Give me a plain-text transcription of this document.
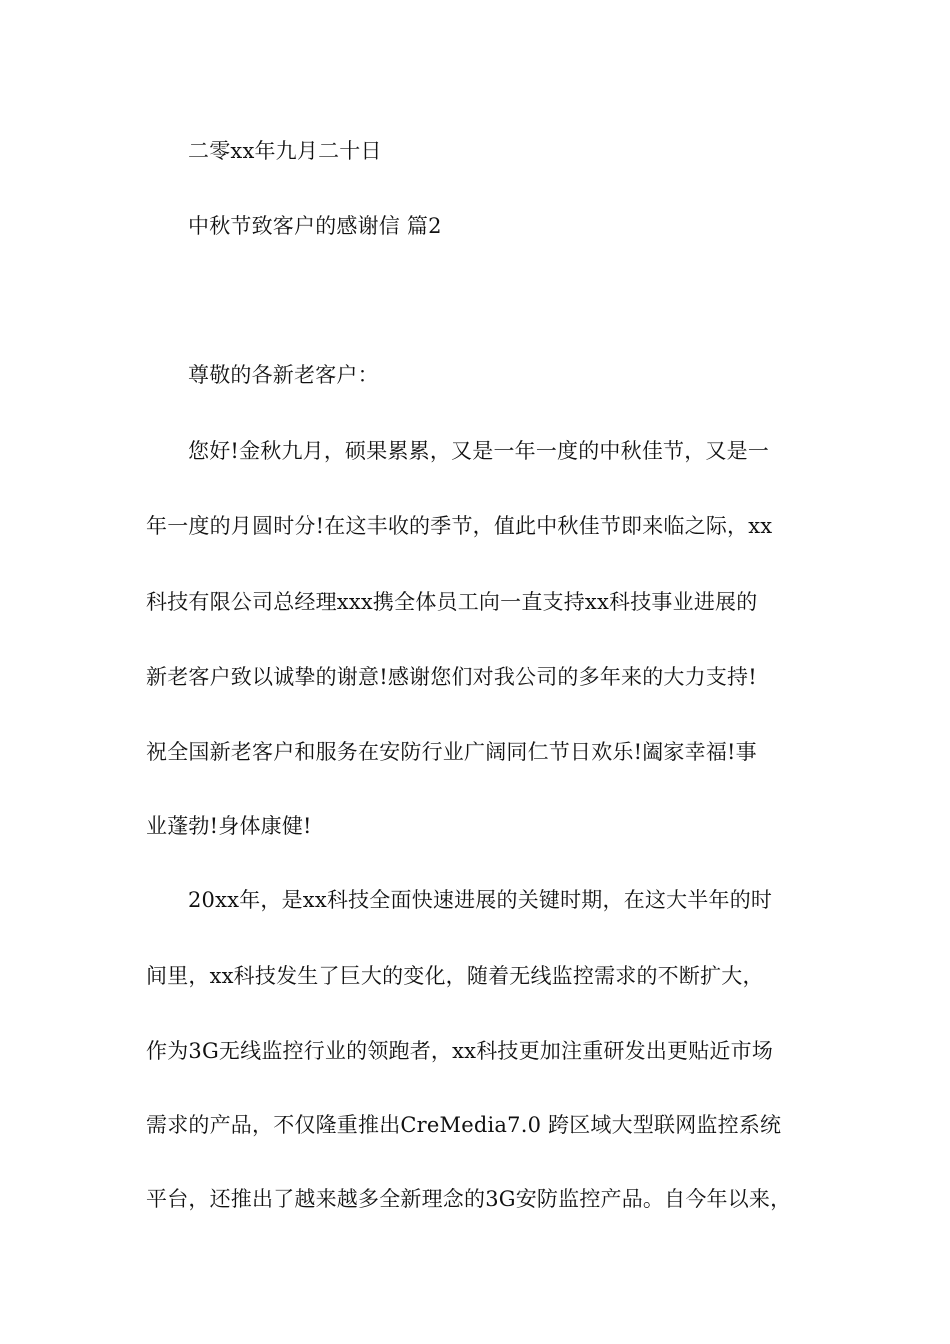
二零xx年九月二十日
中秋节致客户的感谢信 篇2
尊敬的各新老客户：
您好!金秋九月，硕果累累，又是一年一度的中秋佳节，又是一
年一度的月圆时分!在这丰收的季节，值此中秋佳节即来临之际，xx
科技有限公司总经理xxx携全体员工向一直支持xx科技事业进展的
新老客户致以诚挚的谢意!感谢您们对我公司的多年来的大力支持!
祝全国新老客户和服务在安防行业广阔同仁节日欢乐!阖家幸福!事
业蓬勃!身体康健!
20xx年，是xx科技全面快速进展的关键时期，在这大半年的时
间里，xx科技发生了巨大的变化，随着无线监控需求的不断扩大，
作为3G无线监控行业的领跑者，xx科技更加注重研发出更贴近市场
需求的产品，不仅隆重推出CreMedia7.0 跨区域大型联网监控系统
平台，还推出了越来越多全新理念的3G安防监控产品。自今年以来，
